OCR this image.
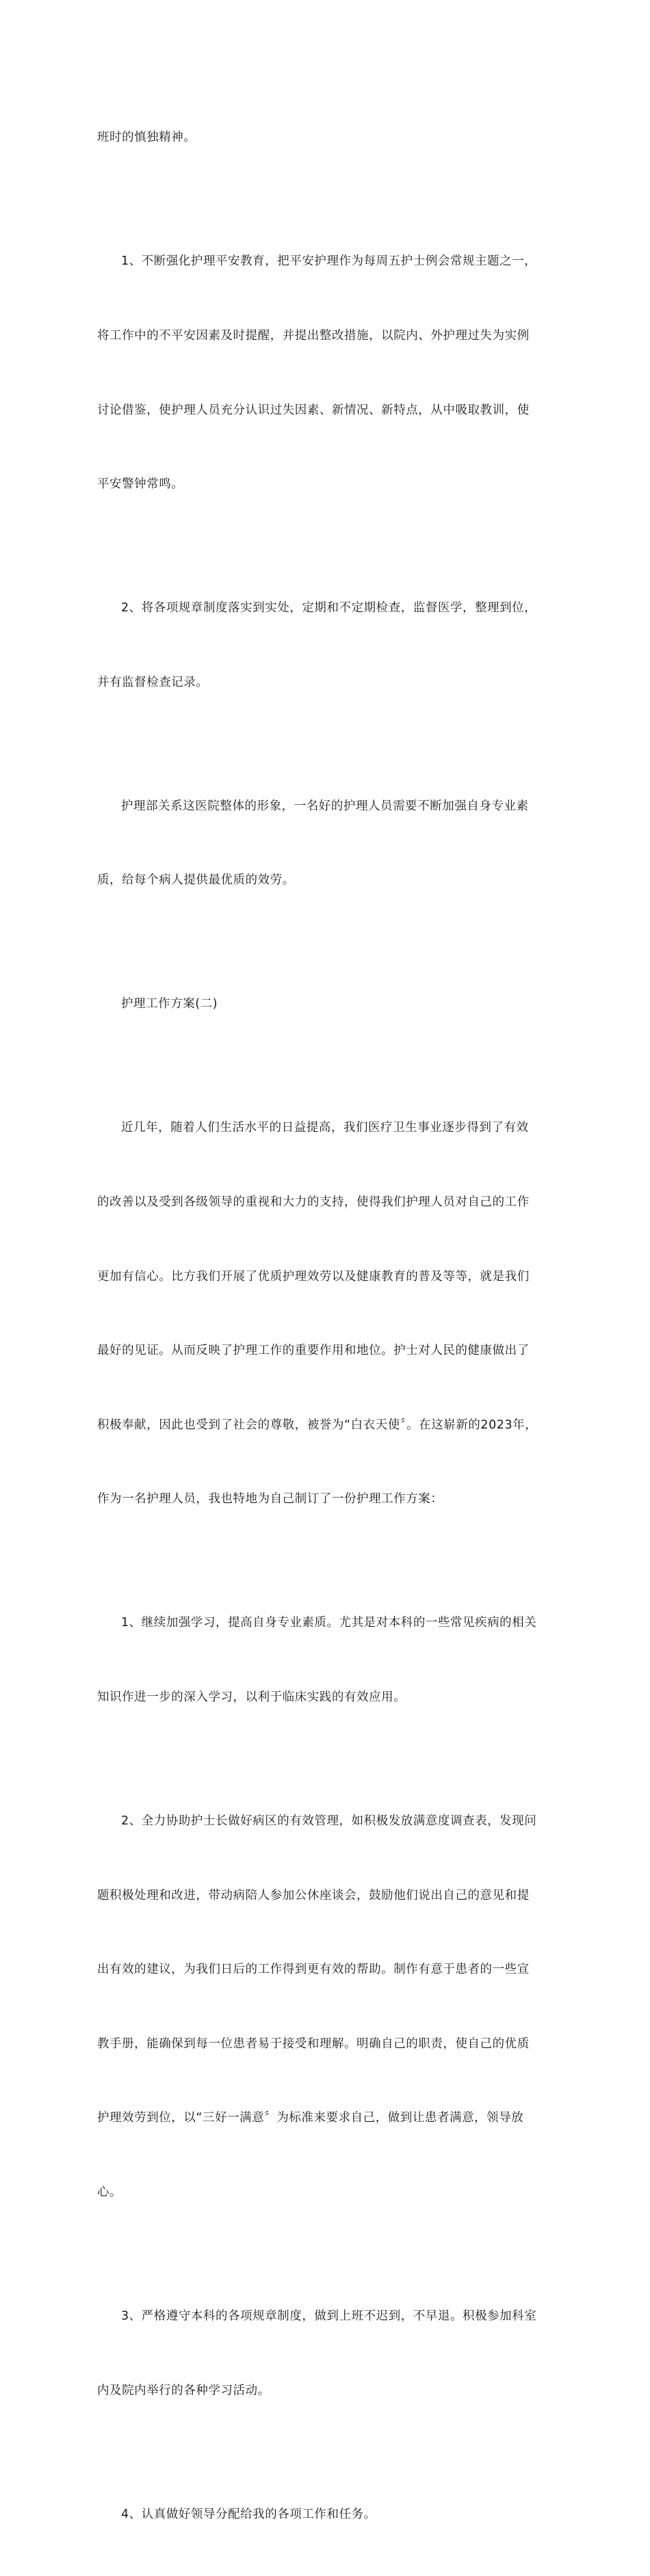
班时的慎独精神。

1、不断强化护理平安教育，把平安护理作为每周五护士例会常规主题之一，

将工作中的不平安因素及时提醒，并提出整改措施，以院内、外护理过失为实例

讨论借鉴，使护理人员充分认识过失因素、新情况、新特点，从中吸取教训，使

平安警钟常鸣。

2、将各项规章制度落实到实处，定期和不定期检查，监督医学，整理到位，

并有监督检查记录。

护理部关系这医院整体的形象，一名好的护理人员需要不断加强自身专业素

质，给每个病人提供最优质的效劳。

护理工作方案(二)

近几年，随着人们生活水平的日益提高，我们医疗卫生事业逐步得到了有效

的改善以及受到各级领导的重视和大力的支持，使得我们护理人员对自己的工作

更加有信心。比方我们开展了优质护理效劳以及健康教育的普及等等，就是我们

最好的见证。从而反映了护理工作的重要作用和地位。护士对人民的健康做出了

积极奉献，因此也受到了社会的尊敬，被誉为“白衣天使〞。在这崭新的2023年，

作为一名护理人员，我也特地为自己制订了一份护理工作方案：

1、继续加强学习，提高自身专业素质。尤其是对本科的一些常见疾病的相关

知识作进一步的深入学习，以利于临床实践的有效应用。

2、全力协助护士长做好病区的有效管理，如积极发放满意度调查表，发现问

题积极处理和改进，带动病陪人参加公休座谈会，鼓励他们说出自己的意见和提

出有效的建议，为我们日后的工作得到更有效的帮助。制作有意于患者的一些宣

教手册，能确保到每一位患者易于接受和理解。明确自己的职责，使自己的优质

护理效劳到位，以“三好一满意〞为标准来要求自己，做到让患者满意，领导放

心。

3、严格遵守本科的各项规章制度，做到上班不迟到，不早退。积极参加科室

内及院内举行的各种学习活动。

4、认真做好领导分配给我的各项工作和任务。
